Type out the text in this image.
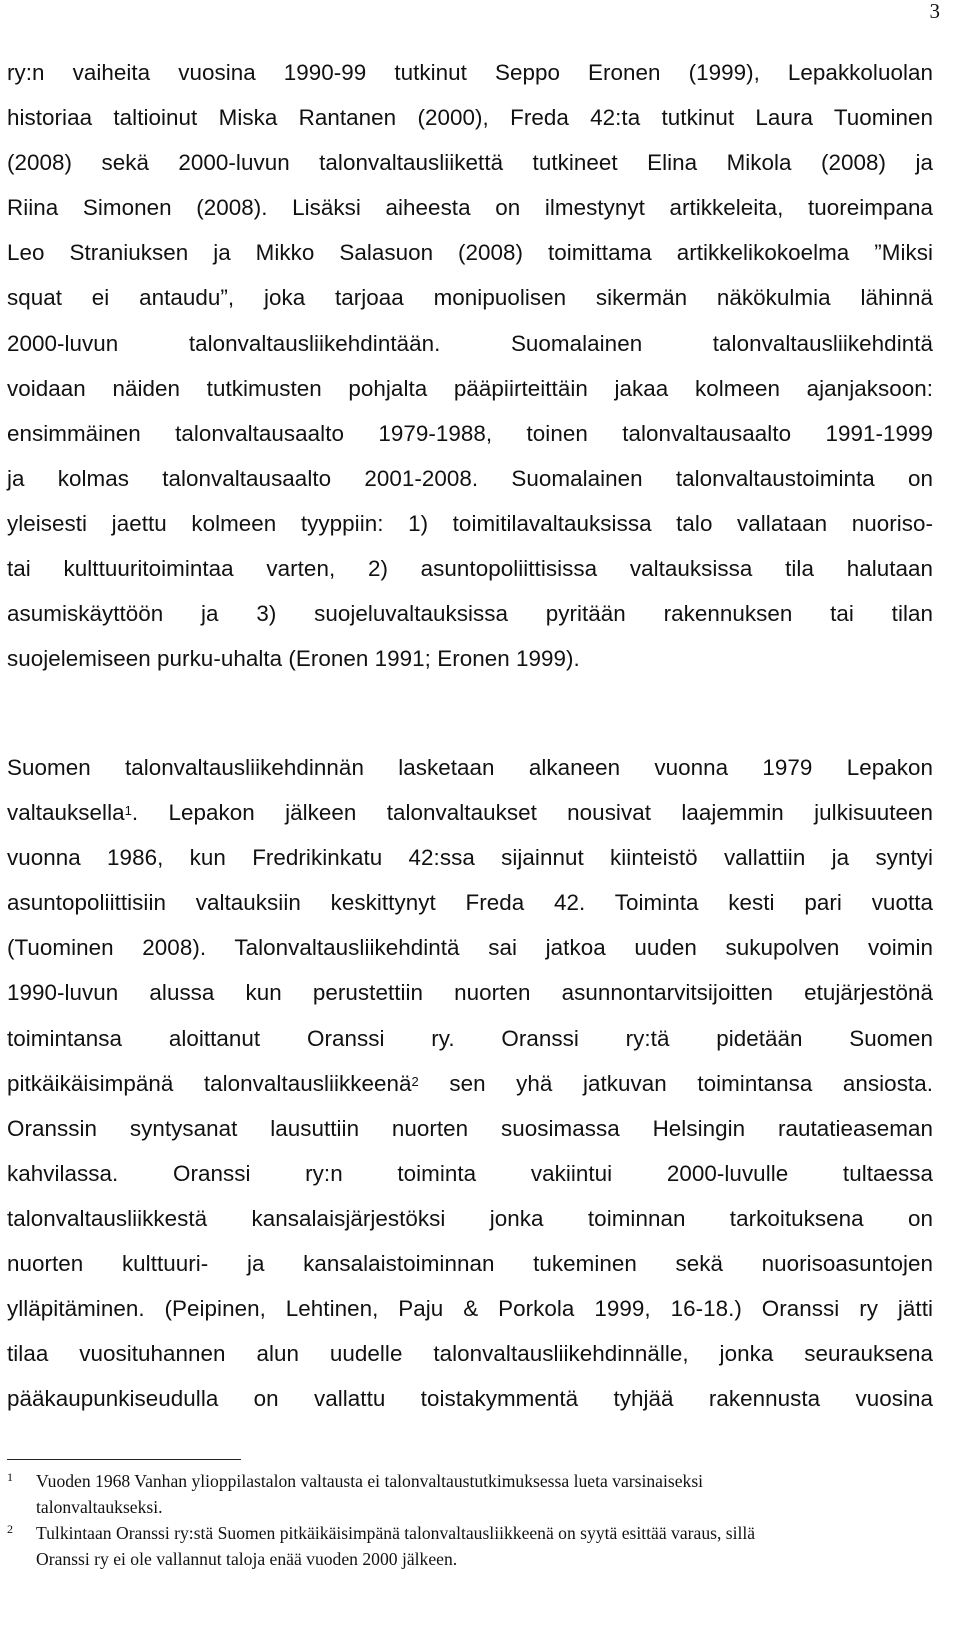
3
ry:n vaiheita vuosina 1990-99 tutkinut Seppo Eronen (1999), Lepakkoluolan
historiaa taltioinut Miska Rantanen (2000), Freda 42:ta tutkinut Laura Tuominen
(2008) sekä 2000-luvun talonvaltausliikettä tutkineet Elina Mikola (2008) ja
Riina Simonen (2008). Lisäksi aiheesta on ilmestynyt artikkeleita, tuoreimpana
Leo Straniuksen ja Mikko Salasuon (2008) toimittama artikkelikokoelma ”Miksi
squat ei antaudu”, joka tarjoaa monipuolisen sikermän näkökulmia lähinnä
2000-luvun talonvaltausliikehdintään. Suomalainen talonvaltausliikehdintä
voidaan näiden tutkimusten pohjalta pääpiirteittäin jakaa kolmeen ajanjaksoon:
ensimmäinen talonvaltausaalto 1979-1988, toinen talonvaltausaalto 1991-1999
ja kolmas talonvaltausaalto 2001-2008. Suomalainen talonvaltaustoiminta on
yleisesti jaettu kolmeen tyyppiin: 1) toimitilavaltauksissa talo vallataan nuoriso-
tai kulttuuritoimintaa varten, 2) asuntopoliittisissa valtauksissa tila halutaan
asumiskäyttöön ja 3) suojeluvaltauksissa pyritään rakennuksen tai tilan
suojelemiseen purku-uhalta (Eronen 1991; Eronen 1999).
Suomen talonvaltausliikehdinnän lasketaan alkaneen vuonna 1979 Lepakon
valtauksella$^1$. Lepakon jälkeen talonvaltaukset nousivat laajemmin julkisuuteen
vuonna 1986, kun Fredrikinkatu 42:ssa sijainnut kiinteistö vallattiin ja syntyi
asuntopoliittisiin valtauksiin keskittynyt Freda 42. Toiminta kesti pari vuotta
(Tuominen 2008). Talonvaltausliikehdintä sai jatkoa uuden sukupolven voimin
1990-luvun alussa kun perustettiin nuorten asunnontarvitsijoitten etujärjestönä
toimintansa aloittanut Oranssi ry. Oranssi ry:tä pidetään Suomen
pitkäikäisimpänä talonvaltausliikkeenä$^2$ sen yhä jatkuvan toimintansa ansiosta.
Oranssin syntysanat lausuttiin nuorten suosimassa Helsingin rautatieaseman
kahvilassa. Oranssi ry:n toiminta vakiintui 2000-luvulle tultaessa
talonvaltausliikkestä kansalaisjärjestöksi jonka toiminnan tarkoituksena on
nuorten kulttuuri- ja kansalaistoiminnan tukeminen sekä nuorisoasuntojen
ylläpitäminen. (Peipinen, Lehtinen, Paju & Porkola 1999, 16-18.) Oranssi ry jätti
tilaa vuosituhannen alun uudelle talonvaltausliikehdinnälle, jonka seurauksena
pääkaupunkiseudulla on vallattu toistakymmentä tyhjää rakennusta vuosina
1 Vuoden 1968 Vanhan ylioppilastalon valtausta ei talonvaltaustutkimuksessa lueta varsinaiseksi
talonvaltaukseksi.
2 Tulkintaan Oranssi ry:stä Suomen pitkäikäisimpänä talonvaltausliikkeenä on syytä esittää varaus, sillä
Oranssi ry ei ole vallannut taloja enää vuoden 2000 jälkeen.
